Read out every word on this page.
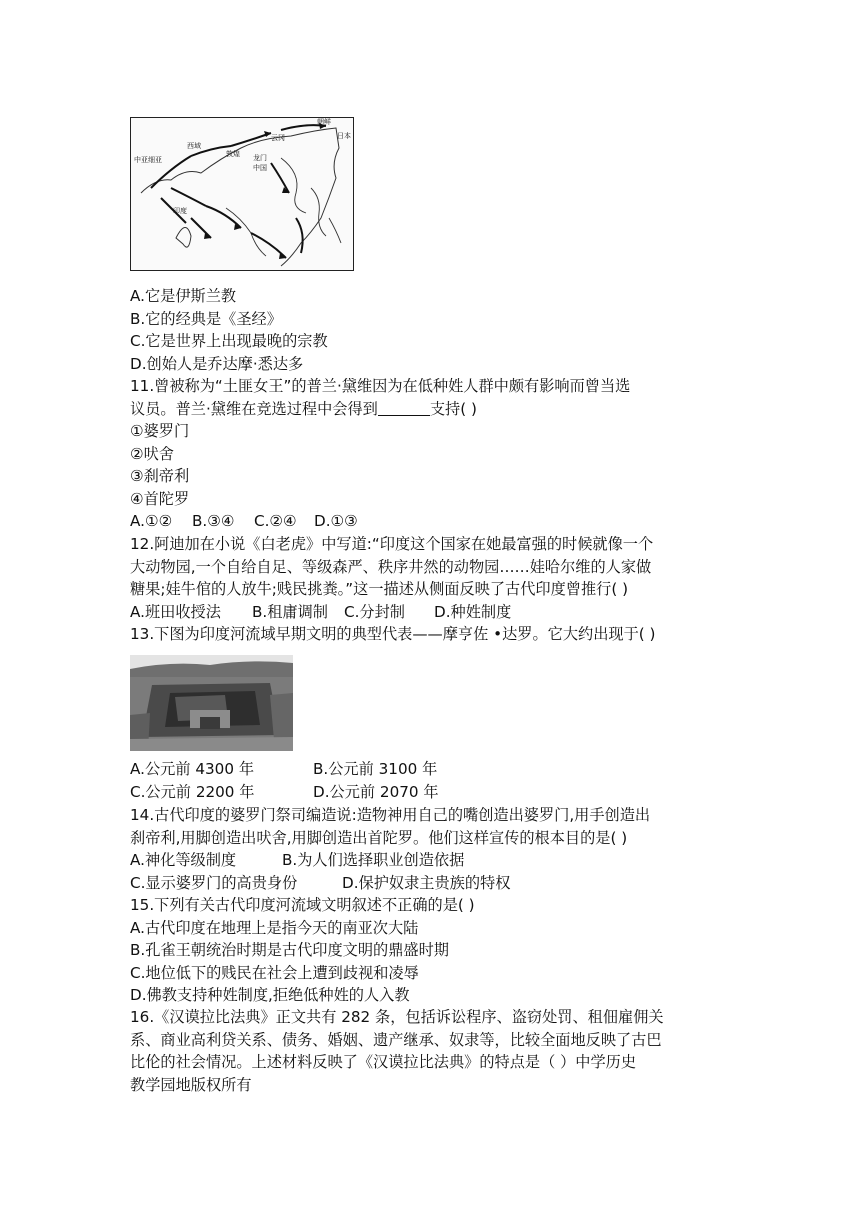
中亚细亚
西域
敦煌
云冈
龙门
中国
朝鲜
日本
印度
A.它是伊斯兰教
B.它的经典是《圣经》
C.它是世界上出现最晚的宗教
D.创始人是乔达摩·悉达多
11.曾被称为“土匪女王”的普兰·黛维因为在低种姓人群中颇有影响而曾当选
议员。普兰·黛维在竞选过程中会得到	支持( )
①婆罗门
②吠舍
③刹帝利
④首陀罗
A.①② B.③④ C.②④ D.①③
12.阿迪加在小说《白老虎》中写道:“印度这个国家在她最富强的时候就像一个
大动物园,一个自给自足、等级森严、秩序井然的动物园……娃哈尔维的人家做
糖果;娃牛倌的人放牛;贱民挑粪。”这一描述从侧面反映了古代印度曾推行( )
A.班田收授法 B.租庸调制 C.分封制 D.种姓制度
13.下图为印度河流域早期文明的典型代表——摩亨佐 •达罗。它大约出现于( )
A.公元前 4300 年	B.公元前 3100 年
C.公元前 2200 年	D.公元前 2070 年
14.古代印度的婆罗门祭司编造说:造物神用自己的嘴创造出婆罗门,用手创造出
刹帝利,用脚创造出吠舍,用脚创造出首陀罗。他们这样宣传的根本目的是( )
A.神化等级制度	B.为人们选择职业创造依据
C.显示婆罗门的高贵身份	D.保护奴隶主贵族的特权
15.下列有关古代印度河流域文明叙述不正确的是( )
A.古代印度在地理上是指今天的南亚次大陆
B.孔雀王朝统治时期是古代印度文明的鼎盛时期
C.地位低下的贱民在社会上遭到歧视和凌辱
D.佛教支持种姓制度,拒绝低种姓的人入教
16.《汉谟拉比法典》正文共有 282 条，包括诉讼程序、盗窃处罚、租佃雇佣关
系、商业高利贷关系、债务、婚姻、遗产继承、奴隶等，比较全面地反映了古巴
比伦的社会情况。上述材料反映了《汉谟拉比法典》的特点是（ ）中学历史
教学园地版权所有
